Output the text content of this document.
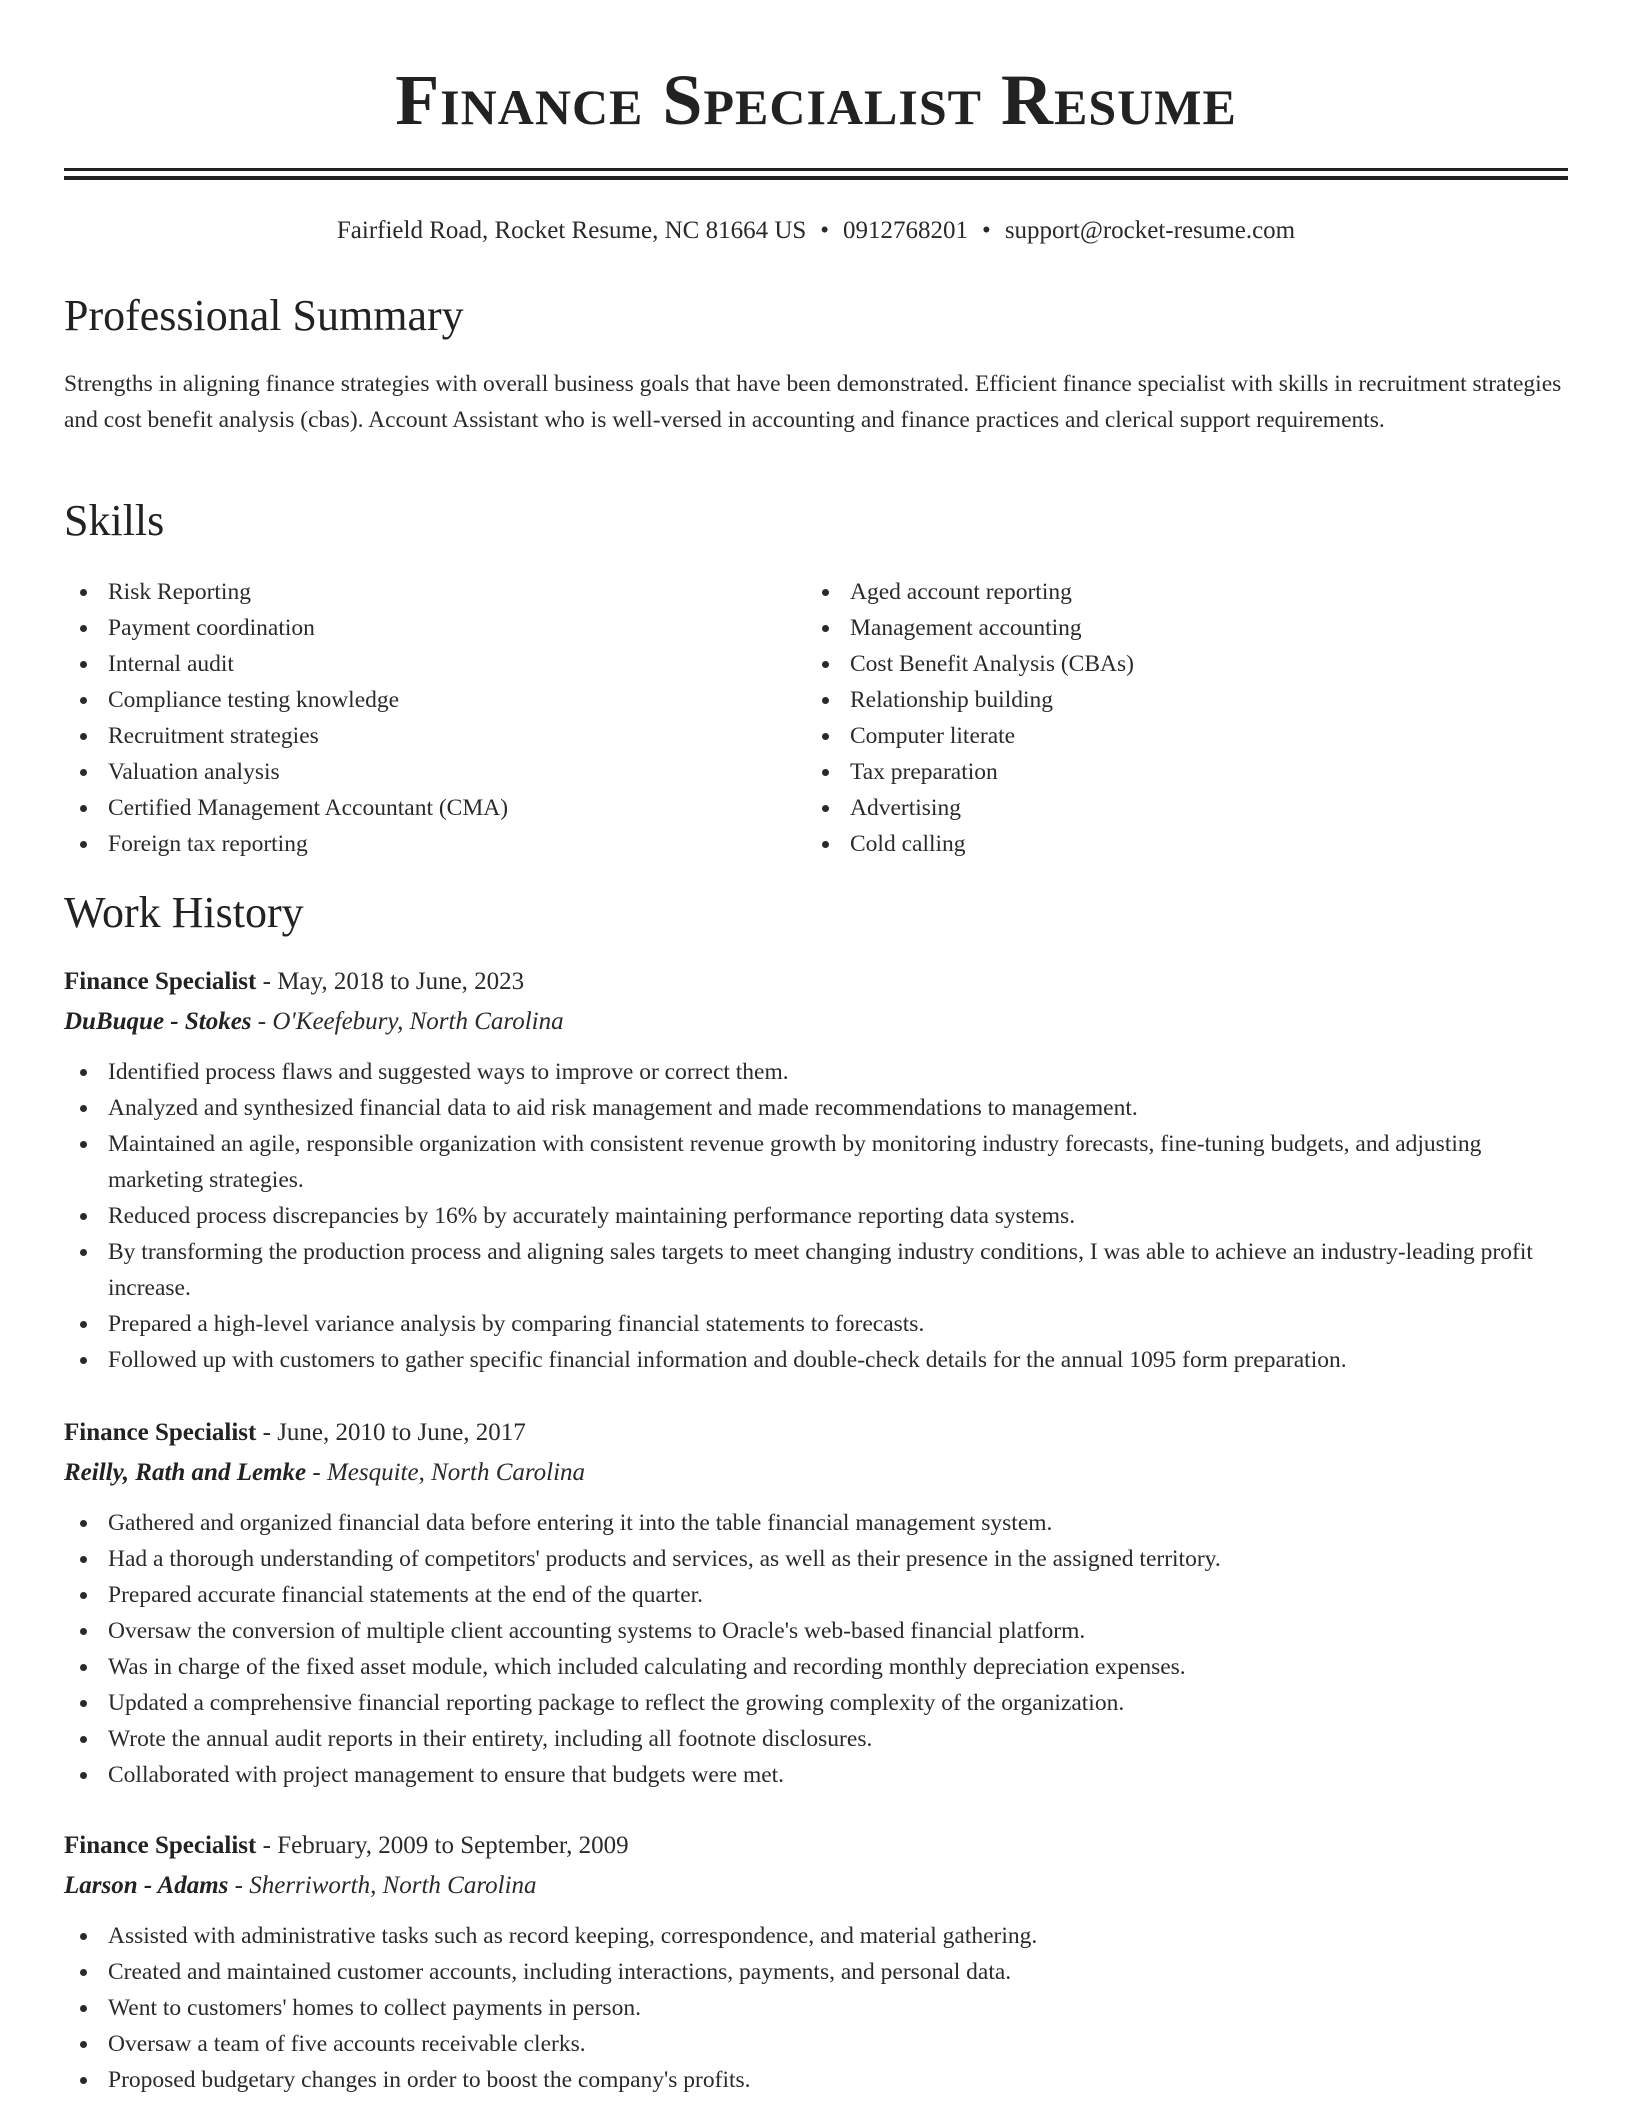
Finance Specialist Resume
Fairfield Road, Rocket Resume, NC 81664 US • 0912768201 • support@rocket-resume.com
Professional Summary

Strengths in aligning finance strategies with overall business goals that have been demonstrated. Efficient finance specialist with skills in recruitment strategies and cost benefit analysis (cbas). Account Assistant who is well-versed in accounting and finance practices and clerical support requirements.

Skills
Risk Reporting
Payment coordination
Internal audit
Compliance testing knowledge
Recruitment strategies
Valuation analysis
Certified Management Accountant (CMA)
Foreign tax reporting
Aged account reporting
Management accounting
Cost Benefit Analysis (CBAs)
Relationship building
Computer literate
Tax preparation
Advertising
Cold calling
Work History

Finance Specialist - May, 2018 to June, 2023

DuBuque - Stokes - O'Keefebury, North Carolina

Identified process flaws and suggested ways to improve or correct them.
Analyzed and synthesized financial data to aid risk management and made recommendations to management.
Maintained an agile, responsible organization with consistent revenue growth by monitoring industry forecasts, fine-tuning budgets, and adjusting marketing strategies.
Reduced process discrepancies by 16% by accurately maintaining performance reporting data systems.
By transforming the production process and aligning sales targets to meet changing industry conditions, I was able to achieve an industry-leading profit increase.
Prepared a high-level variance analysis by comparing financial statements to forecasts.
Followed up with customers to gather specific financial information and double-check details for the annual 1095 form preparation.

Finance Specialist - June, 2010 to June, 2017

Reilly, Rath and Lemke - Mesquite, North Carolina

Gathered and organized financial data before entering it into the table financial management system.
Had a thorough understanding of competitors' products and services, as well as their presence in the assigned territory.
Prepared accurate financial statements at the end of the quarter.
Oversaw the conversion of multiple client accounting systems to Oracle's web-based financial platform.
Was in charge of the fixed asset module, which included calculating and recording monthly depreciation expenses.
Updated a comprehensive financial reporting package to reflect the growing complexity of the organization.
Wrote the annual audit reports in their entirety, including all footnote disclosures.
Collaborated with project management to ensure that budgets were met.

Finance Specialist - February, 2009 to September, 2009

Larson - Adams - Sherriworth, North Carolina

Assisted with administrative tasks such as record keeping, correspondence, and material gathering.
Created and maintained customer accounts, including interactions, payments, and personal data.
Went to customers' homes to collect payments in person.
Oversaw a team of five accounts receivable clerks.
Proposed budgetary changes in order to boost the company's profits.
